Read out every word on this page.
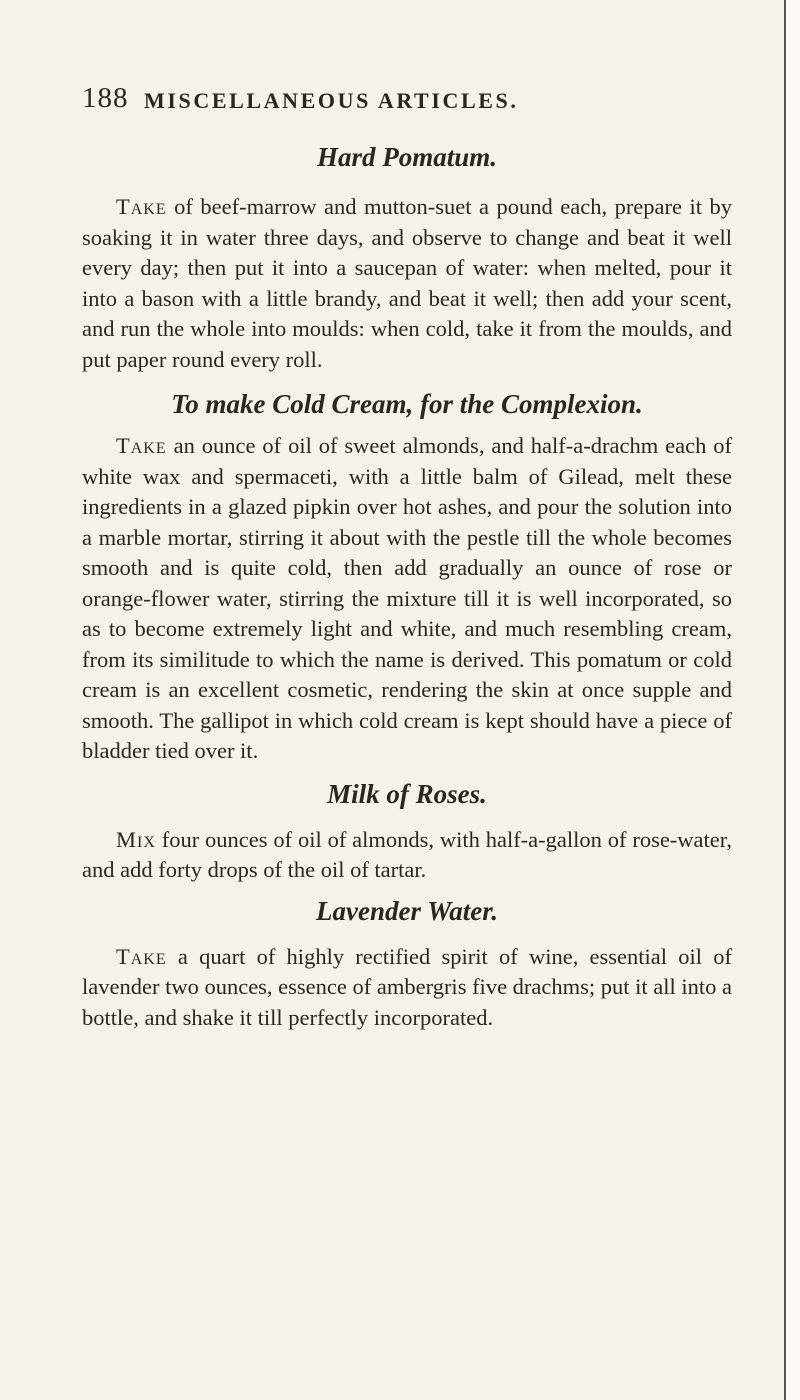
188 MISCELLANEOUS ARTICLES.
Hard Pomatum.

Take of beef-marrow and mutton-suet a pound each, prepare it by soaking it in water three days, and observe to change and beat it well every day; then put it into a saucepan of water: when melted, pour it into a bason with a little brandy, and beat it well; then add your scent, and run the whole into moulds: when cold, take it from the moulds, and put paper round every roll.

To make Cold Cream, for the Complexion.

Take an ounce of oil of sweet almonds, and half-a-drachm each of white wax and spermaceti, with a little balm of Gilead, melt these ingredients in a glazed pipkin over hot ashes, and pour the solution into a marble mortar, stirring it about with the pestle till the whole becomes smooth and is quite cold, then add gradually an ounce of rose or orange-flower water, stirring the mixture till it is well incorporated, so as to become extremely light and white, and much resembling cream, from its similitude to which the name is derived. This pomatum or cold cream is an excellent cosmetic, rendering the skin at once supple and smooth. The gallipot in which cold cream is kept should have a piece of bladder tied over it.

Milk of Roses.

Mix four ounces of oil of almonds, with half-a-gallon of rose-water, and add forty drops of the oil of tartar.

Lavender Water.

Take a quart of highly rectified spirit of wine, essential oil of lavender two ounces, essence of ambergris five drachms; put it all into a bottle, and shake it till perfectly incorporated.
